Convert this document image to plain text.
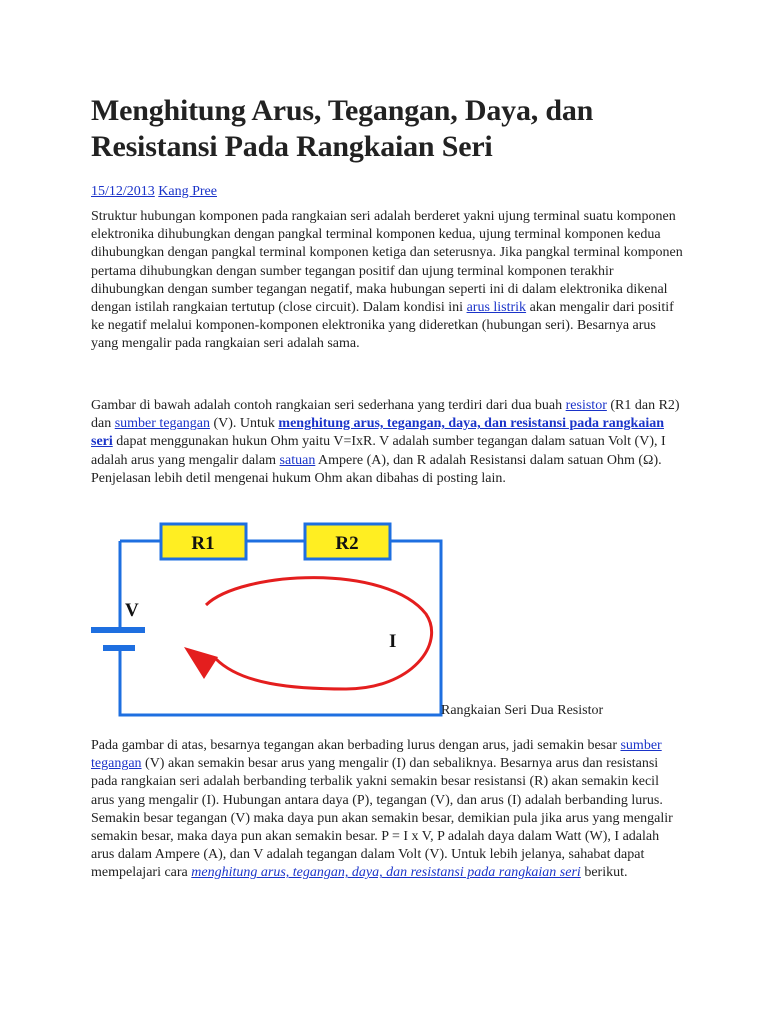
Menghitung Arus, Tegangan, Daya, dan Resistansi Pada Rangkaian Seri
15/12/2013 Kang Pree

Struktur hubungan komponen pada rangkaian seri adalah berderet yakni ujung terminal suatu komponen elektronika dihubungkan dengan pangkal terminal komponen kedua, ujung terminal komponen kedua dihubungkan dengan pangkal terminal komponen ketiga dan seterusnya. Jika pangkal terminal komponen pertama dihubungkan dengan sumber tegangan positif dan ujung terminal komponen terakhir dihubungkan dengan sumber tegangan negatif, maka hubungan seperti ini di dalam elektronika dikenal dengan istilah rangkaian tertutup (close circuit). Dalam kondisi ini arus listrik akan mengalir dari positif ke negatif melalui komponen-komponen elektronika yang dideretkan (hubungan seri). Besarnya arus yang mengalir pada rangkaian seri adalah sama.

Gambar di bawah adalah contoh rangkaian seri sederhana yang terdiri dari dua buah resistor (R1 dan R2) dan sumber tegangan (V). Untuk menghitung arus, tegangan, daya, dan resistansi pada rangkaian seri dapat menggunakan hukun Ohm yaitu V=IxR. V adalah sumber tegangan dalam satuan Volt (V), I adalah arus yang mengalir dalam satuan Ampere (A), dan R adalah Resistansi dalam satuan Ohm (Ω). Penjelasan lebih detil mengenai hukum Ohm akan dibahas di posting lain.

R1	R2
V
I
Rangkaian Seri Dua Resistor

Pada gambar di atas, besarnya tegangan akan berbading lurus dengan arus, jadi semakin besar sumber tegangan (V) akan semakin besar arus yang mengalir (I) dan sebaliknya. Besarnya arus dan resistansi pada rangkaian seri adalah berbanding terbalik yakni semakin besar resistansi (R) akan semakin kecil arus yang mengalir (I). Hubungan antara daya (P), tegangan (V), dan arus (I) adalah berbanding lurus. Semakin besar tegangan (V) maka daya pun akan semakin besar, demikian pula jika arus yang mengalir semakin besar, maka daya pun akan semakin besar. P = I x V, P adalah daya dalam Watt (W), I adalah arus dalam Ampere (A), dan V adalah tegangan dalam Volt (V). Untuk lebih jelanya, sahabat dapat mempelajari cara menghitung arus, tegangan, daya, dan resistansi pada rangkaian seri berikut.
